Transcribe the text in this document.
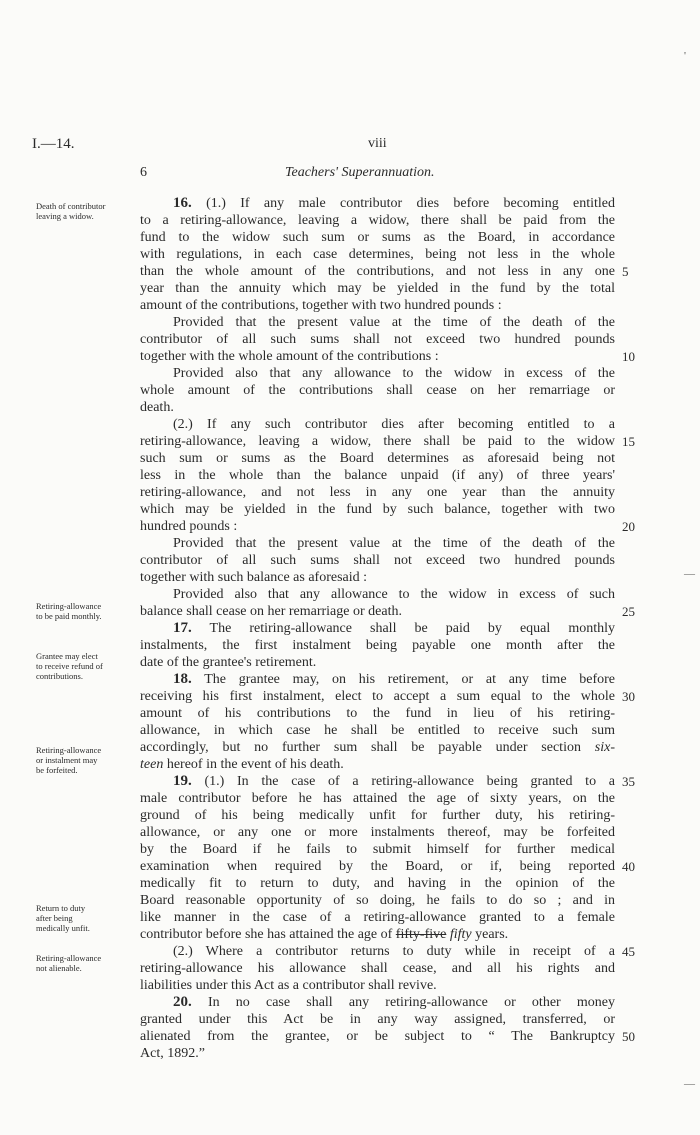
I.—14.	viii
6	Teachers' Superannuation.
Death of contributor
leaving a widow.
Retiring-allowance
to be paid monthly.
Grantee may elect
to receive refund of
contributions.
Retiring-allowance
or instalment may
be forfeited.
Return to duty
after being
medically unfit.
Retiring-allowance
not alienable.
16. (1.) If any male contributor dies before becoming entitled
to a retiring-allowance, leaving a widow, there shall be paid from the
fund to the widow such sum or sums as the Board, in accordance
with regulations, in each case determines, being not less in the whole
than the whole amount of the contributions, and not less in any one
year than the annuity which may be yielded in the fund by the total
amount of the contributions, together with two hundred pounds :
Provided that the present value at the time of the death of the
contributor of all such sums shall not exceed two hundred pounds
together with the whole amount of the contributions :
Provided also that any allowance to the widow in excess of the
whole amount of the contributions shall cease on her remarriage or
death.
(2.) If any such contributor dies after becoming entitled to a
retiring-allowance, leaving a widow, there shall be paid to the widow
such sum or sums as the Board determines as aforesaid being not
less in the whole than the balance unpaid (if any) of three years'
retiring-allowance, and not less in any one year than the annuity
which may be yielded in the fund by such balance, together with two
hundred pounds :
Provided that the present value at the time of the death of the
contributor of all such sums shall not exceed two hundred pounds
together with such balance as aforesaid :
Provided also that any allowance to the widow in excess of such
balance shall cease on her remarriage or death.
17. The retiring-allowance shall be paid by equal monthly
instalments, the first instalment being payable one month after the
date of the grantee's retirement.
18. The grantee may, on his retirement, or at any time before
receiving his first instalment, elect to accept a sum equal to the whole
amount of his contributions to the fund in lieu of his retiring-
allowance, in which case he shall be entitled to receive such sum
accordingly, but no further sum shall be payable under section six-
teen hereof in the event of his death.
19. (1.) In the case of a retiring-allowance being granted to a
male contributor before he has attained the age of sixty years, on the
ground of his being medically unfit for further duty, his retiring-
allowance, or any one or more instalments thereof, may be forfeited
by the Board if he fails to submit himself for further medical
examination when required by the Board, or if, being reported
medically fit to return to duty, and having in the opinion of the
Board reasonable opportunity of so doing, he fails to do so ; and in
like manner in the case of a retiring-allowance granted to a female
contributor before she has attained the age of fifty-five fifty years.
(2.) Where a contributor returns to duty while in receipt of a
retiring-allowance his allowance shall cease, and all his rights and
liabilities under this Act as a contributor shall revive.
20. In no case shall any retiring-allowance or other money
granted under this Act be in any way assigned, transferred, or
alienated from the grantee, or be subject to “ The Bankruptcy
Act, 1892.”
5
10
15
20
25
30
35
40
45
50
'
—
—
